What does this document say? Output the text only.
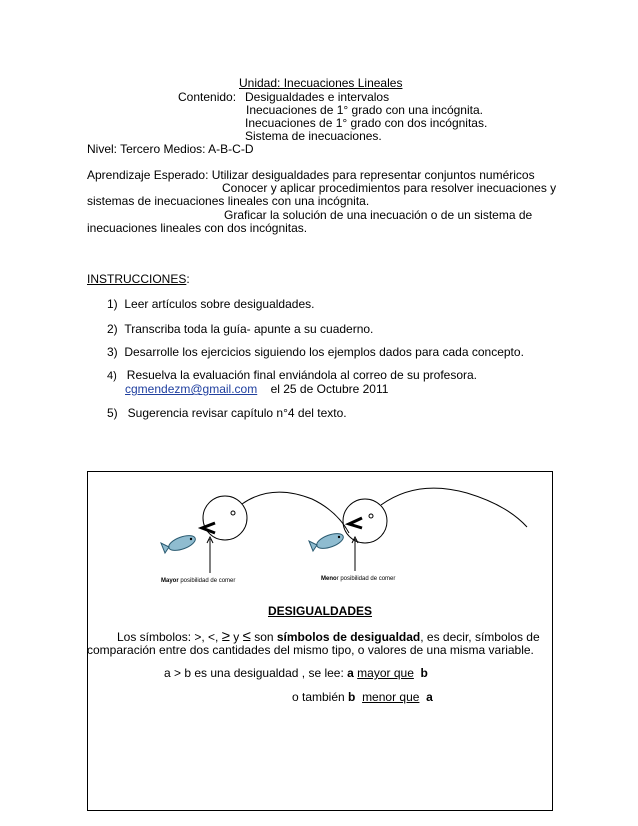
Unidad: Inecuaciones Lineales
Contenido: Desigualdades e intervalos
Inecuaciones de 1° grado con una incógnita.
Inecuaciones de 1° grado con dos incógnitas.
Sistema de inecuaciones.
Nivel: Tercero Medios: A-B-C-D
Aprendizaje Esperado: Utilizar desigualdades para representar conjuntos numéricos
Conocer y aplicar procedimientos para resolver inecuaciones y
sistemas de inecuaciones lineales con una incógnita.
Graficar la solución de una inecuación o de un sistema de
inecuaciones lineales con dos incógnitas.
INSTRUCCIONES:
1) Leer artículos sobre desigualdades.
2) Transcriba toda la guía- apunte a su cuaderno.
3) Desarrolle los ejercicios siguiendo los ejemplos dados para cada concepto.
4) Resuelva la evaluación final enviándola al correo de su profesora.
cgmendezm@gmail.com el 25 de Octubre 2011
5)   Sugerencia revisar capítulo n°4 del texto.
Mayor posibilidad de comer	Menor posibilidad de comer
DESIGUALDADES
Los símbolos: >, <, ≥ y ≤ son símbolos de desigualdad, es decir, símbolos de
comparación entre dos cantidades del mismo tipo, o valores de una misma variable.
a > b es una desigualdad , se lee: a mayor que b
o también b menor que a
